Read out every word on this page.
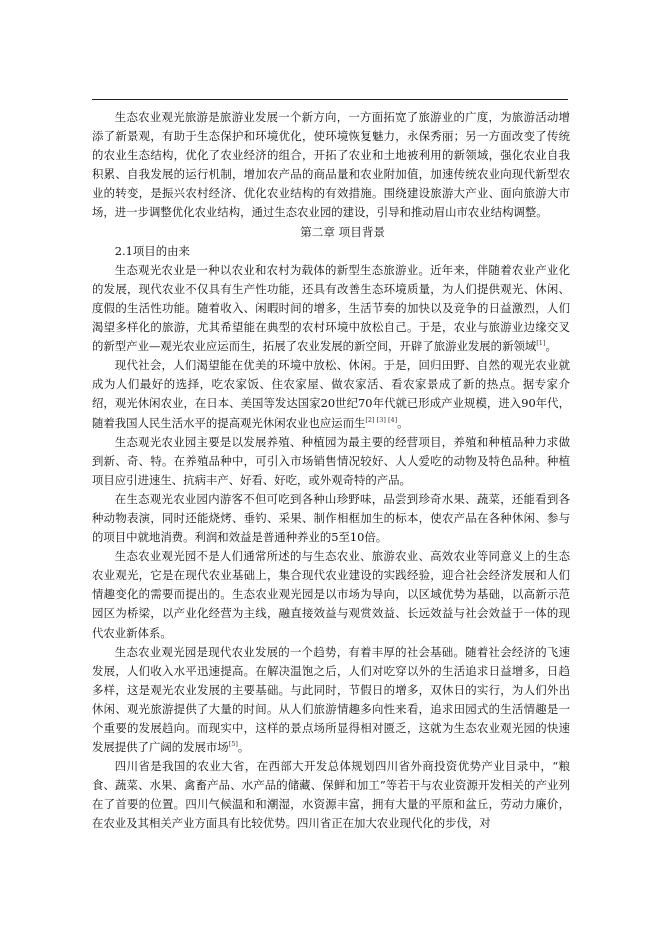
生态农业观光旅游是旅游业发展一个新方向，一方面拓宽了旅游业的广度，为旅游活动增添了新景观，有助于生态保护和环境优化，使环境恢复魅力，永保秀丽；另一方面改变了传统的农业生态结构，优化了农业经济的组合，开拓了农业和土地被利用的新领域，强化农业自我积累、自我发展的运行机制，增加农产品的商品量和农业附加值，加速传统农业向现代新型农业的转变，是振兴农村经济、优化农业结构的有效措施。围绕建设旅游大产业、面向旅游大市场，进一步调整优化农业结构，通过生态农业园的建设，引导和推动眉山市农业结构调整。

第二章 项目背景

2.1项目的由来

生态观光农业是一种以农业和农村为载体的新型生态旅游业。近年来，伴随着农业产业化的发展，现代农业不仅具有生产性功能，还具有改善生态环境质量，为人们提供观光、休闲、度假的生活性功能。随着收入、闲暇时间的增多，生活节奏的加快以及竞争的日益激烈，人们渴望多样化的旅游，尤其希望能在典型的农村环境中放松自己。于是，农业与旅游业边缘交叉的新型产业—观光农业应运而生，拓展了农业发展的新空间，开辟了旅游业发展的新领域[1]。

现代社会，人们渴望能在优美的环境中放松、休闲。于是，回归田野、自然的观光农业就成为人们最好的选择，吃农家饭、住农家屋、做农家活、看农家景成了新的热点。据专家介绍，观光休闲农业，在日本、美国等发达国家20世纪70年代就已形成产业规模，进入90年代，随着我国人民生活水平的提高观光休闲农业也应运而生[2] [3] [4]。

生态观光农业园主要是以发展养殖、种植园为最主要的经营项目，养殖和种植品种力求做到新、奇、特。在养殖品种中，可引入市场销售情况较好、人人爱吃的动物及特色品种。种植项目应引进速生、抗病丰产、好看、好吃，或外观奇特的产品。

在生态观光农业园内游客不但可吃到各种山珍野味，品尝到珍奇水果、蔬菜，还能看到各种动物表演，同时还能烧烤、垂钓、采果、制作相框加生的标本，使农产品在各种休闲、参与的项目中就地消费。利润和效益是普通种养业的5至10倍。

生态农业观光园不是人们通常所述的与生态农业、旅游农业、高效农业等同意义上的生态农业观光，它是在现代农业基础上，集合现代农业建设的实践经验，迎合社会经济发展和人们情趣变化的需要而提出的。生态农业观光园是以市场为导向，以区域优势为基础，以高新示范园区为桥梁，以产业化经营为主线，融直接效益与观赏效益、长远效益与社会效益于一体的现代农业新体系。

生态农业观光园是现代农业发展的一个趋势，有着丰厚的社会基础。随着社会经济的飞速发展，人们收入水平迅速提高。在解决温饱之后，人们对吃穿以外的生活追求日益增多，日趋多样，这是观光农业发展的主要基础。与此同时，节假日的增多，双休日的实行，为人们外出休闲、观光旅游提供了大量的时间。从人们旅游情趣多向性来看，追求田园式的生活情趣是一个重要的发展趋向。而现实中，这样的景点场所显得相对匮乏，这就为生态农业观光园的快速发展提供了广阔的发展市场[5]。

四川省是我国的农业大省，在西部大开发总体规划四川省外商投资优势产业目录中，“粮食、蔬菜、水果、禽畜产品、水产品的储藏、保鲜和加工”等若干与农业资源开发相关的产业列在了首要的位置。四川气候温和和潮湿，水资源丰富，拥有大量的平原和盆丘，劳动力廉价，在农业及其相关产业方面具有比较优势。四川省正在加大农业现代化的步伐，对
